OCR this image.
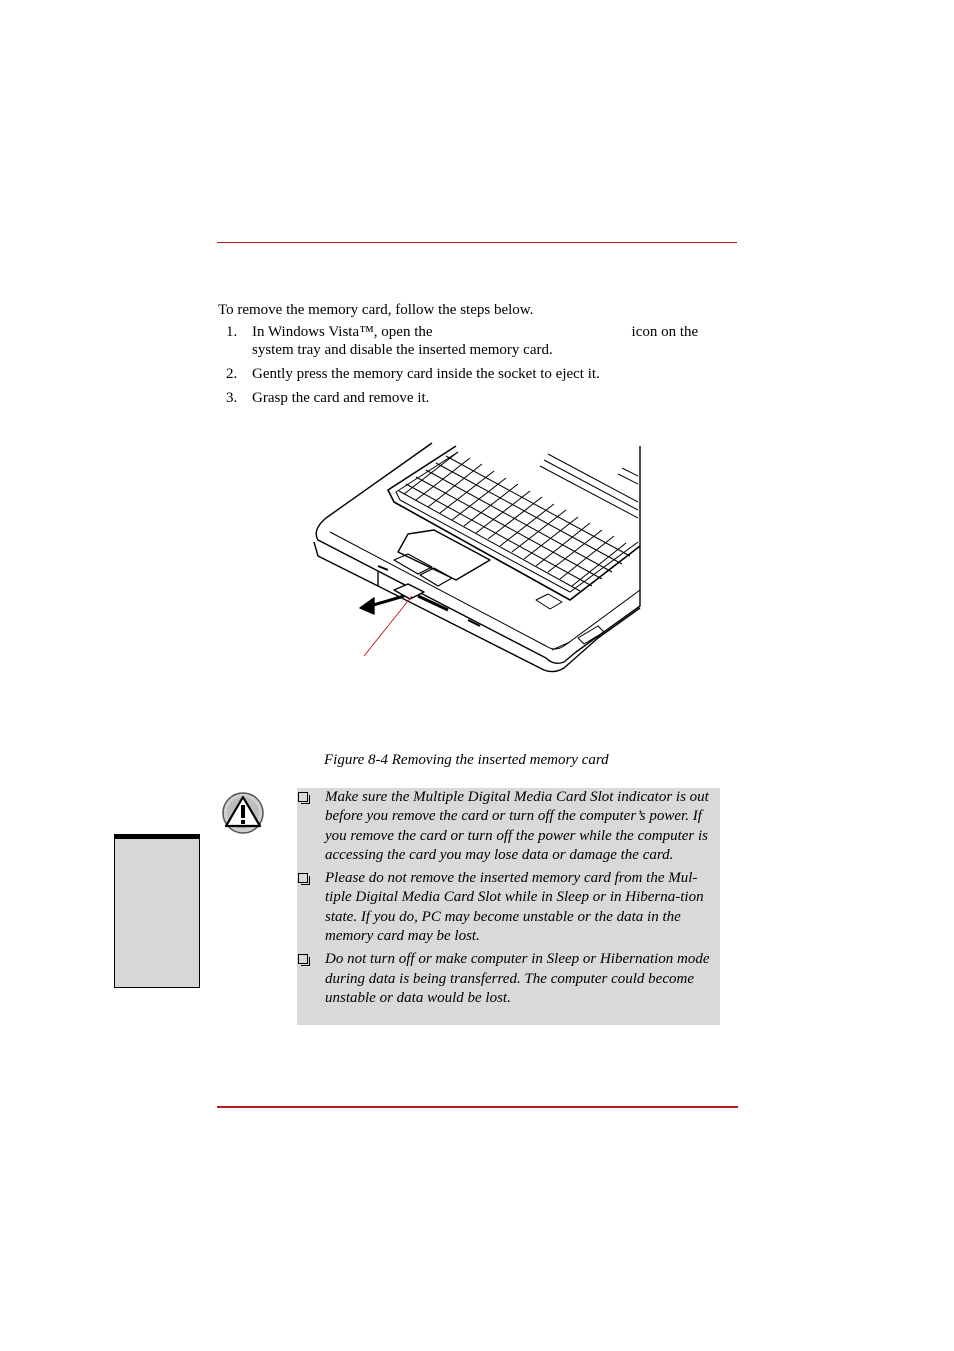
To remove the memory card, follow the steps below.

1. In Windows Vista™, open the	icon on the
system tray and disable the inserted memory card.
2. Gently press the memory card inside the socket to eject it.
3. Grasp the card and remove it.

Figure 8-4 Removing the inserted memory card

Make sure the Multiple Digital Media Card Slot indicator is out before you remove the card or turn off the computer’s power. If you remove the card or turn off the power while the computer is accessing the card you may lose data or damage the card.
Please do not remove the inserted memory card from the Mul-tiple Digital Media Card Slot while in Sleep or in Hiberna-tion state. If you do, PC may become unstable or the data in the memory card may be lost.
Do not turn off or make computer in Sleep or Hibernation mode during data is being transferred. The computer could become unstable or data would be lost.
